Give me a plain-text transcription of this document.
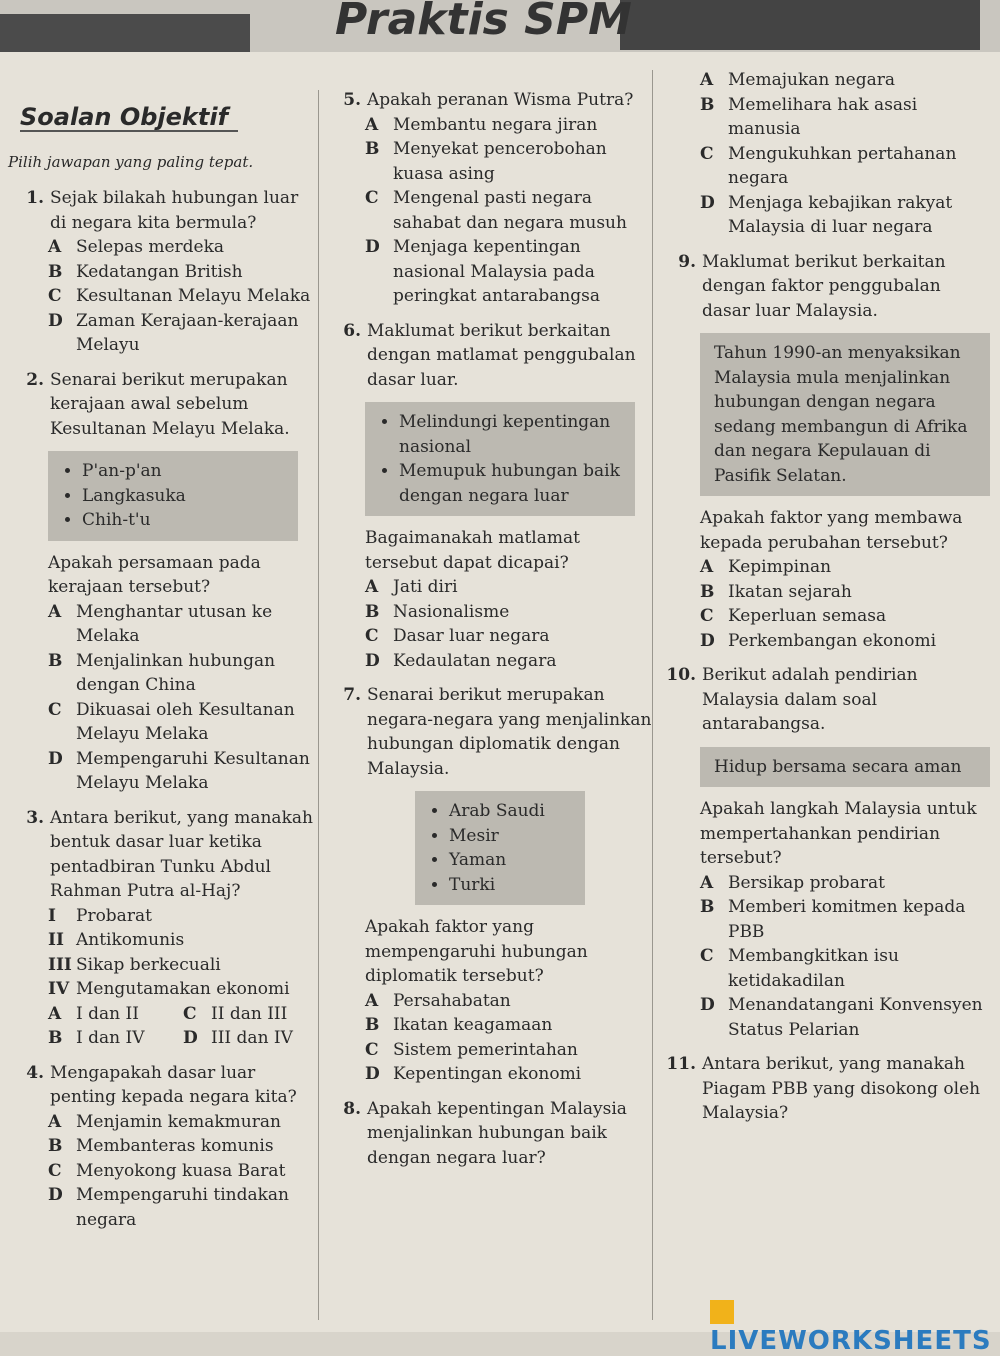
Praktis SPM
Soalan Objektif
Pilih jawapan yang paling tepat.
1. Sejak bilakah hubungan luar di negara kita bermula?
A Selepas merdeka
B Kedatangan British
C Kesultanan Melayu Melaka
D Zaman Kerajaan-kerajaan Melayu
2. Senarai berikut merupakan kerajaan awal sebelum Kesultanan Melayu Melaka.
• P'an-p'an
• Langkasuka
• Chih-t'u
Apakah persamaan pada kerajaan tersebut?
A Menghantar utusan ke Melaka
B Menjalinkan hubungan dengan China
C Dikuasai oleh Kesultanan Melayu Melaka
D Mempengaruhi Kesultanan Melayu Melaka
3. Antara berikut, yang manakah bentuk dasar luar ketika pentadbiran Tunku Abdul Rahman Putra al-Haj?
I	Probarat
II Antikomunis
III Sikap berkecuali
IV Mengutamakan ekonomi
A I dan II	C II dan III
B I dan IV D III dan IV
4. Mengapakah dasar luar penting kepada negara kita?
A Menjamin kemakmuran
B Membanteras komunis
C Menyokong kuasa Barat
D Mempengaruhi tindakan negara
5. Apakah peranan Wisma Putra?
A Membantu negara jiran
B Menyekat pencerobohan kuasa asing
C Mengenal pasti negara sahabat dan negara musuh
D Menjaga kepentingan nasional Malaysia pada peringkat antarabangsa
6. Maklumat berikut berkaitan dengan matlamat penggubalan dasar luar.
• Melindungi kepentingan nasional
• Memupuk hubungan baik dengan negara luar
Bagaimanakah matlamat tersebut dapat dicapai?
A Jati diri
B Nasionalisme
C Dasar luar negara
D Kedaulatan negara
7. Senarai berikut merupakan negara-negara yang menjalinkan hubungan diplomatik dengan Malaysia.
• Arab Saudi
• Mesir
• Yaman
• Turki
Apakah faktor yang mempengaruhi hubungan diplomatik tersebut?
A Persahabatan
B Ikatan keagamaan
C Sistem pemerintahan
D Kepentingan ekonomi
8. Apakah kepentingan Malaysia menjalinkan hubungan baik dengan negara luar?
A Memajukan negara
B Memelihara hak asasi manusia
C Mengukuhkan pertahanan negara
D Menjaga kebajikan rakyat Malaysia di luar negara
9. Maklumat berikut berkaitan dengan faktor penggubalan dasar luar Malaysia.
Tahun 1990-an menyaksikan Malaysia mula menjalinkan hubungan dengan negara sedang membangun di Afrika dan negara Kepulauan di Pasifik Selatan.
Apakah faktor yang membawa kepada perubahan tersebut?
A Kepimpinan
B Ikatan sejarah
C Keperluan semasa
D Perkembangan ekonomi
10. Berikut adalah pendirian Malaysia dalam soal antarabangsa.
Hidup bersama secara aman
Apakah langkah Malaysia untuk mempertahankan pendirian tersebut?
A Bersikap probarat
B Memberi komitmen kepada PBB
C Membangkitkan isu ketidakadilan
D Menandatangani Konvensyen Status Pelarian
11. Antara berikut, yang manakah Piagam PBB yang disokong oleh Malaysia?
LIVEWORKSHEETS
